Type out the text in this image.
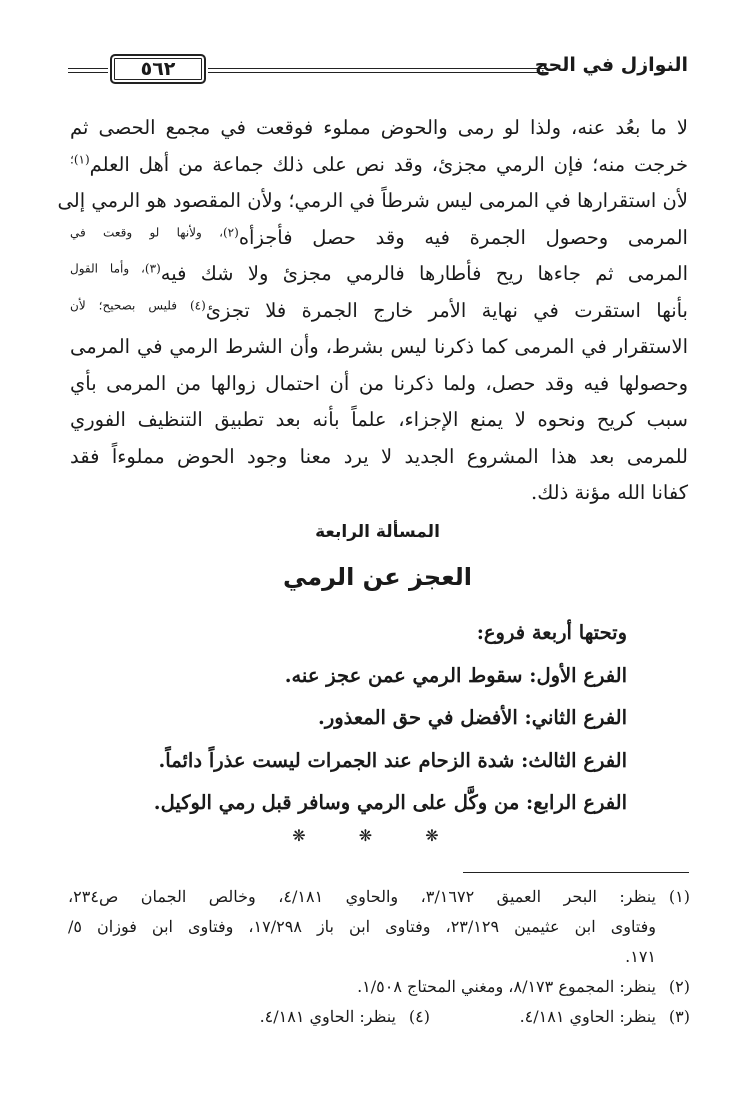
٥٦٢	النوازل في الحج
لا ما بعُد عنه، ولذا لو رمى والحوض مملوء فوقعت في مجمع الحصى ثم
خرجت منه؛ فإن الرمي مجزئ، وقد نص على ذلك جماعة من أهل العلم$^{(١)؛}$
لأن استقرارها في المرمى ليس شرطاً في الرمي؛ ولأن المقصود هو الرمي إلى
المرمى وحصول الجمرة فيه وقد حصل فأجزأه$^{(٢)، ولأنها لو وقعت في}$
المرمى ثم جاءها ريح فأطارها فالرمي مجزئ ولا شك فيه$^{(٣)، وأما القول}$
بأنها استقرت في نهاية الأمر خارج الجمرة فلا تجزئ$^{(٤) فليس بصحيح؛ لأن}$
الاستقرار في المرمى كما ذكرنا ليس بشرط، وأن الشرط الرمي في المرمى
وحصولها فيه وقد حصل، ولما ذكرنا من أن احتمال زوالها من المرمى بأي
سبب كريح ونحوه لا يمنع الإجزاء، علماً بأنه بعد تطبيق التنظيف الفوري
للمرمى بعد هذا المشروع الجديد لا يرد معنا وجود الحوض مملوءاً فقد
كفانا الله مؤنة ذلك.
المسألة الرابعة
العجز عن الرمي
وتحتها أربعة فروع:
الفرع الأول: سقوط الرمي عمن عجز عنه.
الفرع الثاني: الأفضل في حق المعذور.
الفرع الثالث: شدة الزحام عند الجمرات ليست عذراً دائماً.
الفرع الرابع: من وكَّل على الرمي وسافر قبل رمي الوكيل.
❋ ❋ ❋
(١)
ينظر: البحر العميق ٣/١٦٧٢، والحاوي ٤/١٨١، وخالص الجمان ص٢٣٤،
وفتاوى ابن عثيمين ٢٣/١٢٩، وفتاوى ابن باز ١٧/٢٩٨، وفتاوى ابن فوزان ٥/
١٧١.
(٢)
ينظر: المجموع ٨/١٧٣، ومغني المحتاج ١/٥٠٨.
(٣)
ينظر: الحاوي ٤/١٨١.
(٤)
ينظر: الحاوي ٤/١٨١.
